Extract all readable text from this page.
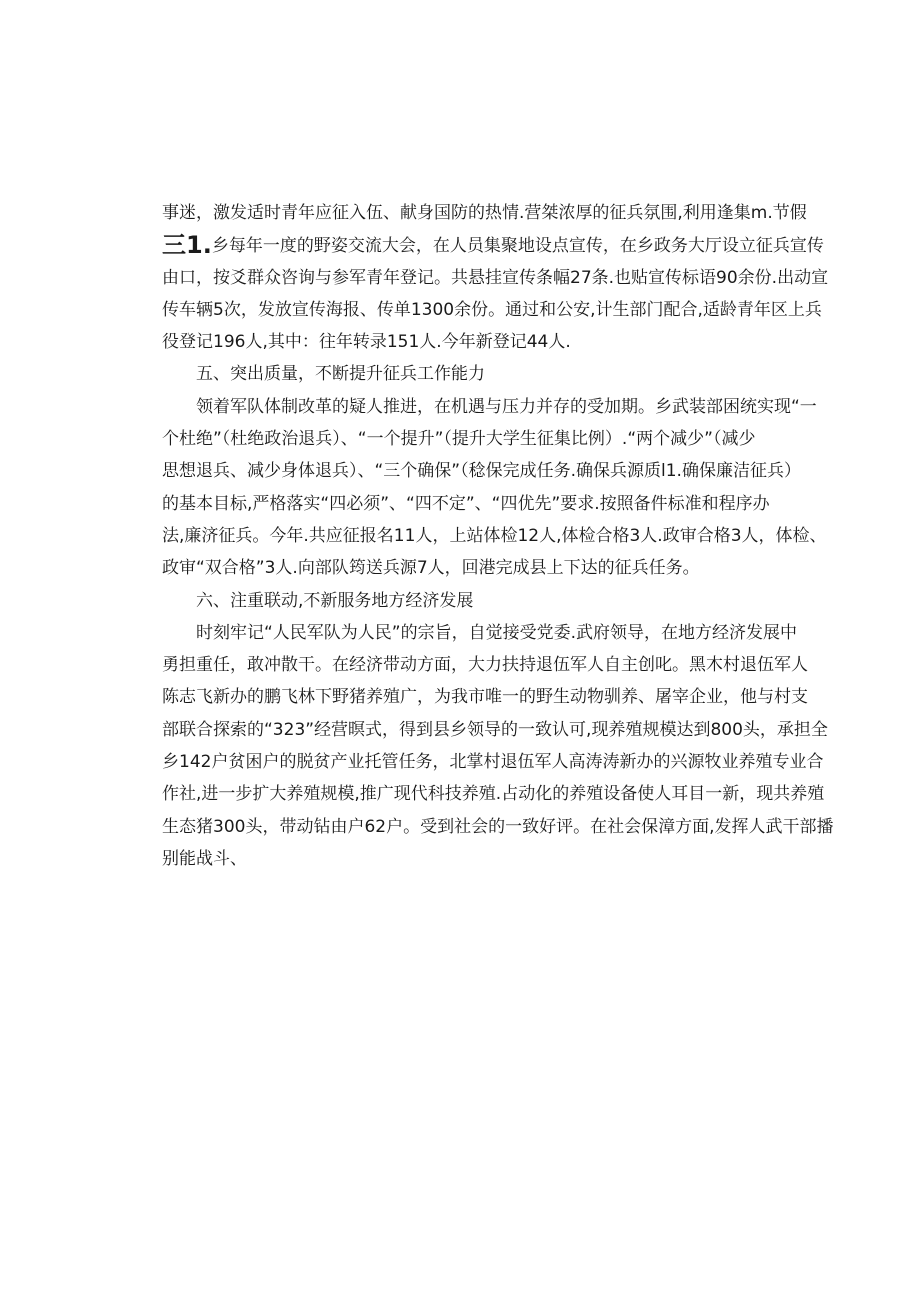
事迷，激发适时青年应征入伍、献身国防的热情.营桀浓厚的征兵氛围,利用逢集m.节假
三1.乡每年一度的野姿交流大会，在人员集聚地设点宣传，在乡政务大厅设立征兵宣传
由口，按爻群众咨询与参军青年登记。共悬挂宣传条幅27条.也贴宣传标语90余份.出动宣
传车辆5次，发放宣传海报、传单1300余份。通过和公安,计生部门配合,适龄青年区上兵
役登记196人,其中：往年转录151人.今年新登记44人.
五、突出质量，不断提升征兵工作能力
领着军队体制改革的疑人推进，在机遇与压力并存的受加期。乡武装部困统实现“一
个杜绝”（杜绝政治退兵）、“一个提升”（提升大学生征集比例）.“两个减少”（减少
思想退兵、减少身体退兵）、“三个确保”（稔保完成任务.确保兵源质l1.确保廉洁征兵）
的基本目标,严格落实“四必须”、“四不定”、“四优先”要求.按照备件标准和程序办
法,廉济征兵。今年.共应征报名11人，上站体检12人,体检合格3人.政审合格3人，体检、
政审“双合格”3人.向部队筠送兵源7人，回港完成县上下达的征兵任务。
六、注重联动,不新服务地方经济发展
时刻牢记“人民军队为人民”的宗旨，自觉接受党委.武府领导，在地方经济发展中
勇担重任，敢冲散干。在经济带动方面，大力扶持退伍军人自主创叱。黑木村退伍军人
陈志飞新办的鹏飞林下野猪养殖广，为我市唯一的野生动物驯养、屠宰企业，他与村支
部联合探索的“323”经营暝式，得到县乡领导的一致认可,现养殖规模达到800头，承担全
乡142户贫困户的脱贫产业托管任务，北掌村退伍军人高涛涛新办的兴源牧业养殖专业合
作社,进一步扩大养殖规模,推广现代科技养殖.占动化的养殖设备使人耳目一新，现共养殖
生态猪300头，带动钻由户62户。受到社会的一致好评。在社会保漳方面,发挥人武干部播
别能战斗、
